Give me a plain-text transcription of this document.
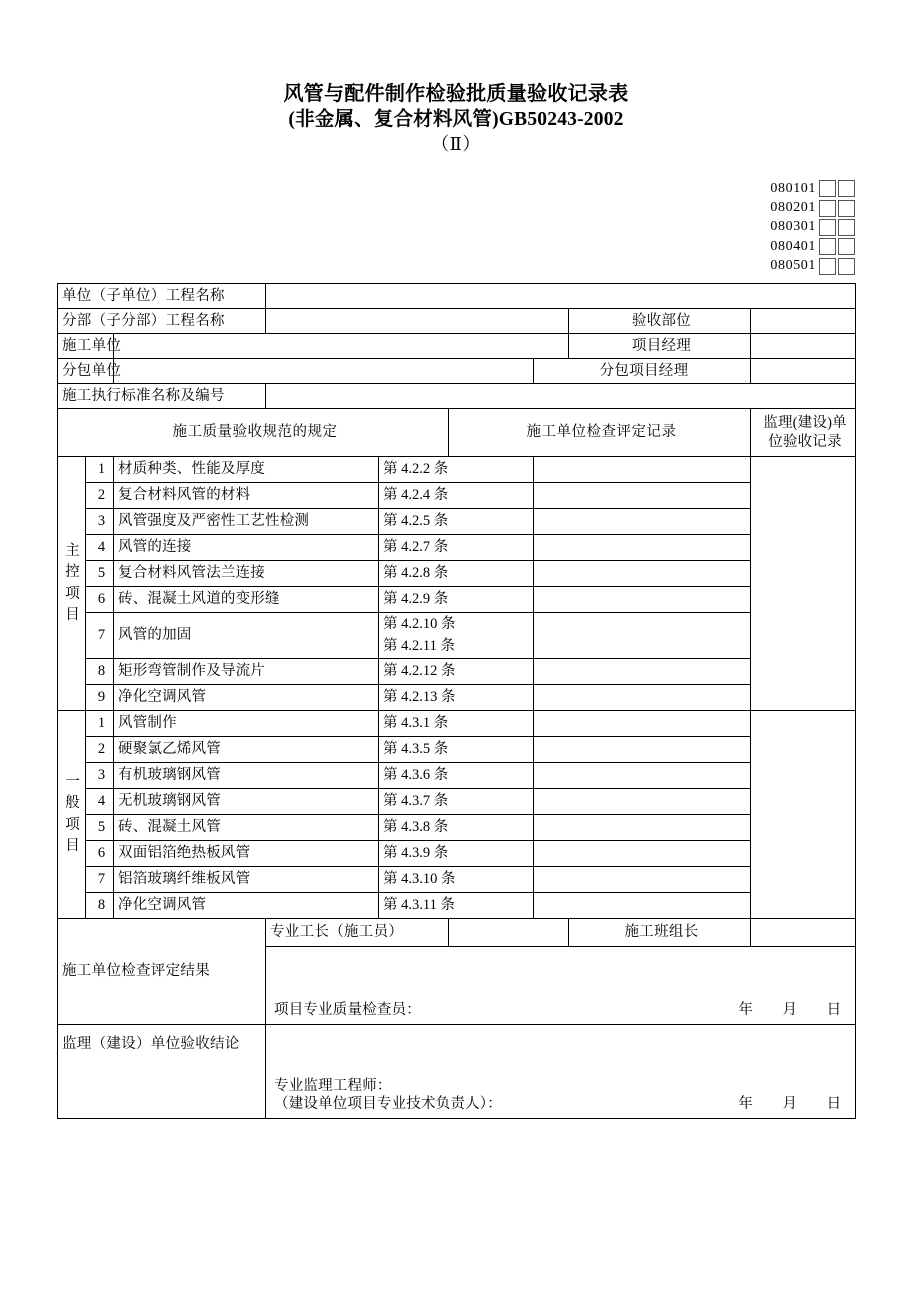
风管与配件制作检验批质量验收记录表
(非金属、复合材料风管)GB50243-2002
（Ⅱ）
080101
080201
080301
080401
080501
单位（子单位）工程名称								
分部（子分部）工程名称							验收部位	
施工单位							项目经理	
分包单位						分包项目经理		
施工执行标准名称及编号								
施工质量验收规范的规定					施工单位检查评定记录			监理(建设)单
位验收记录

主
控
项
目	1	材质种类、性能及厚度		第 4.2.2 条				
	2	复合材料风管的材料		第 4.2.4 条				
	3	风管强度及严密性工艺性检测		第 4.2.5 条				
	4	风管的连接		第 4.2.7 条				
	5	复合材料风管法兰连接		第 4.2.8 条				
	6	砖、混凝土风道的变形缝		第 4.2.9 条				
	7	风管的加固		第 4.2.10 条
第 4.2.11 条				

	8	矩形弯管制作及导流片		第 4.2.12 条				
	9	净化空调风管		第 4.2.13 条				

一
般
项
目	1	风管制作		第 4.3.1 条				
	2	硬聚氯乙烯风管		第 4.3.5 条				
	3	有机玻璃钢风管		第 4.3.6 条				
	4	无机玻璃钢风管		第 4.3.7 条				
	5	砖、混凝土风管		第 4.3.8 条				
	6	双面铝箔绝热板风管		第 4.3.9 条				
	7	铝箔玻璃纤维板风管		第 4.3.10 条				
	8	净化空调风管		第 4.3.11 条				
施工单位检查评定结果			专业工长（施工员）				施工班组长	

			项目专业质量检查员： 年 月 日					

监理（建设）单位验收结论			专业监理工程师：
（建设单位项目专业技术负责人）： 年 月 日					
